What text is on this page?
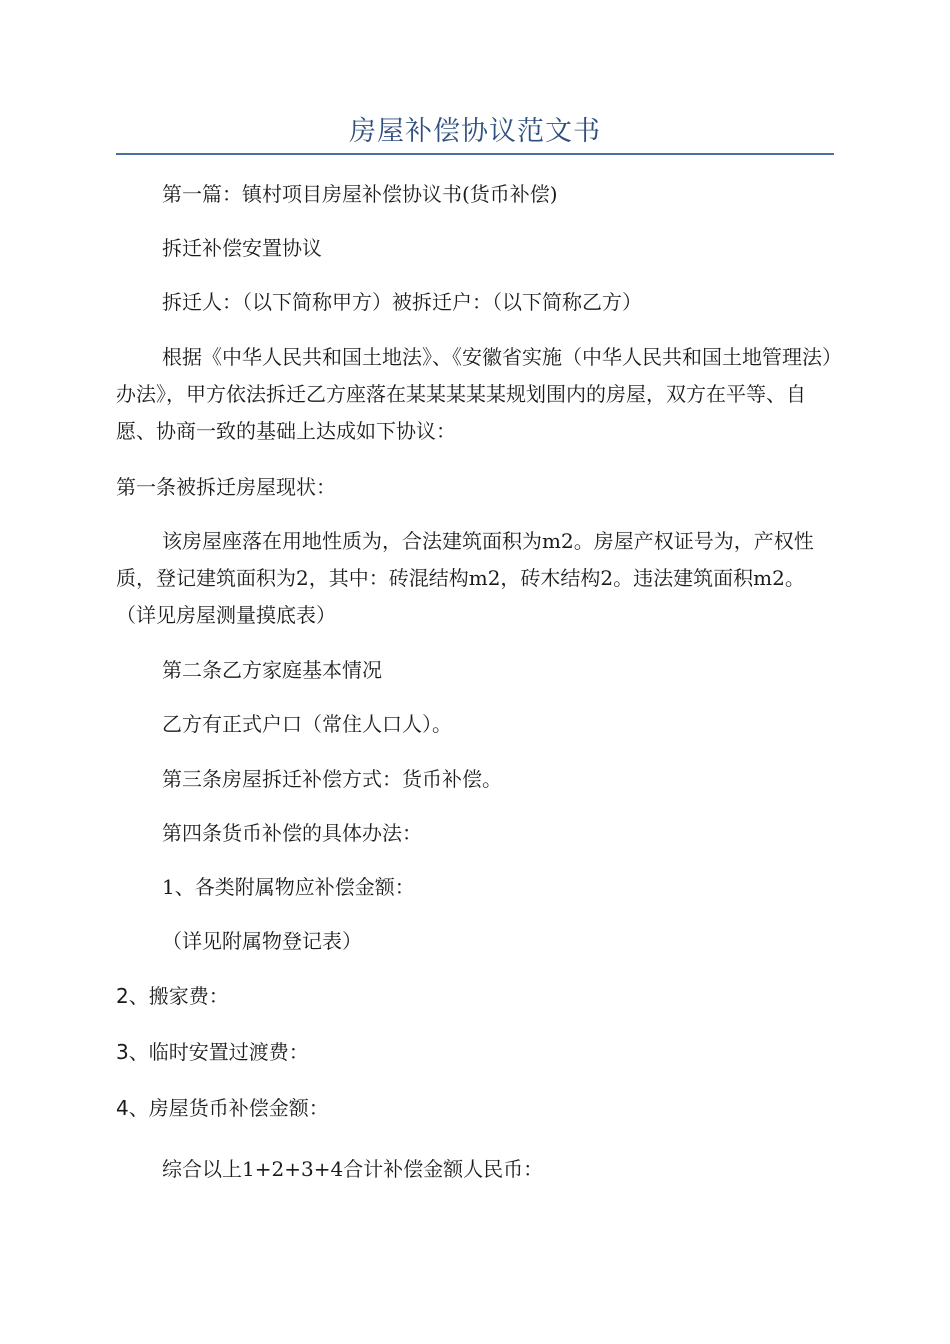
房屋补偿协议范文书

第一篇：镇村项目房屋补偿协议书(货币补偿)

拆迁补偿安置协议

拆迁人：（以下简称甲方）被拆迁户：（以下简称乙方）

根据《中华人民共和国土地法》、《安徽省实施（中华人民共和国土地管理法）办法》，甲方依法拆迁乙方座落在某某某某某规划围内的房屋，双方在平等、自愿、协商一致的基础上达成如下协议：

第一条被拆迁房屋现状：

该房屋座落在用地性质为，合法建筑面积为m2。房屋产权证号为，产权性质，登记建筑面积为2，其中：砖混结构m2，砖木结构2。违法建筑面积m2。（详见房屋测量摸底表）

第二条乙方家庭基本情况

乙方有正式户口（常住人口人）。

第三条房屋拆迁补偿方式：货币补偿。

第四条货币补偿的具体办法：

1、各类附属物应补偿金额：

（详见附属物登记表）

2、搬家费：

3、临时安置过渡费：

4、房屋货币补偿金额：

综合以上1+2+3+4合计补偿金额人民币：
